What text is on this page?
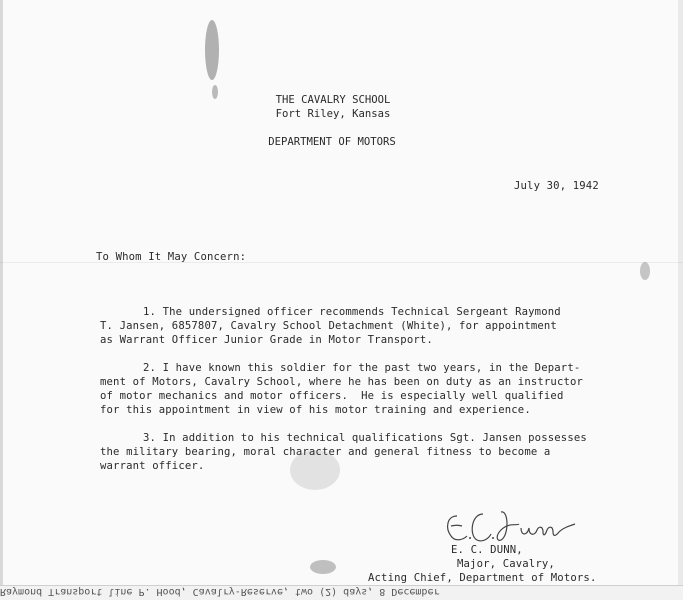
THE CAVALRY SCHOOL
Fort Riley, Kansas
DEPARTMENT OF MOTORS
July 30, 1942
To Whom It May Concern:
1. The undersigned officer recommends Technical Sergeant Raymond
T. Jansen, 6857807, Cavalry School Detachment (White), for appointment
as Warrant Officer Junior Grade in Motor Transport.
2. I have known this soldier for the past two years, in the Depart-
ment of Motors, Cavalry School, where he has been on duty as an instructor
of motor mechanics and motor officers.  He is especially well qualified
for this appointment in view of his motor training and experience.
3. In addition to his technical qualifications Sgt. Jansen possesses
the military bearing, moral character and general fitness to become a
warrant officer.
E. C. DUNN,
Major, Cavalry,
Acting Chief, Department of Motors.
Raymond Transport line P. Hood, Cavalry-Reserve, two (2) days, 8 December
